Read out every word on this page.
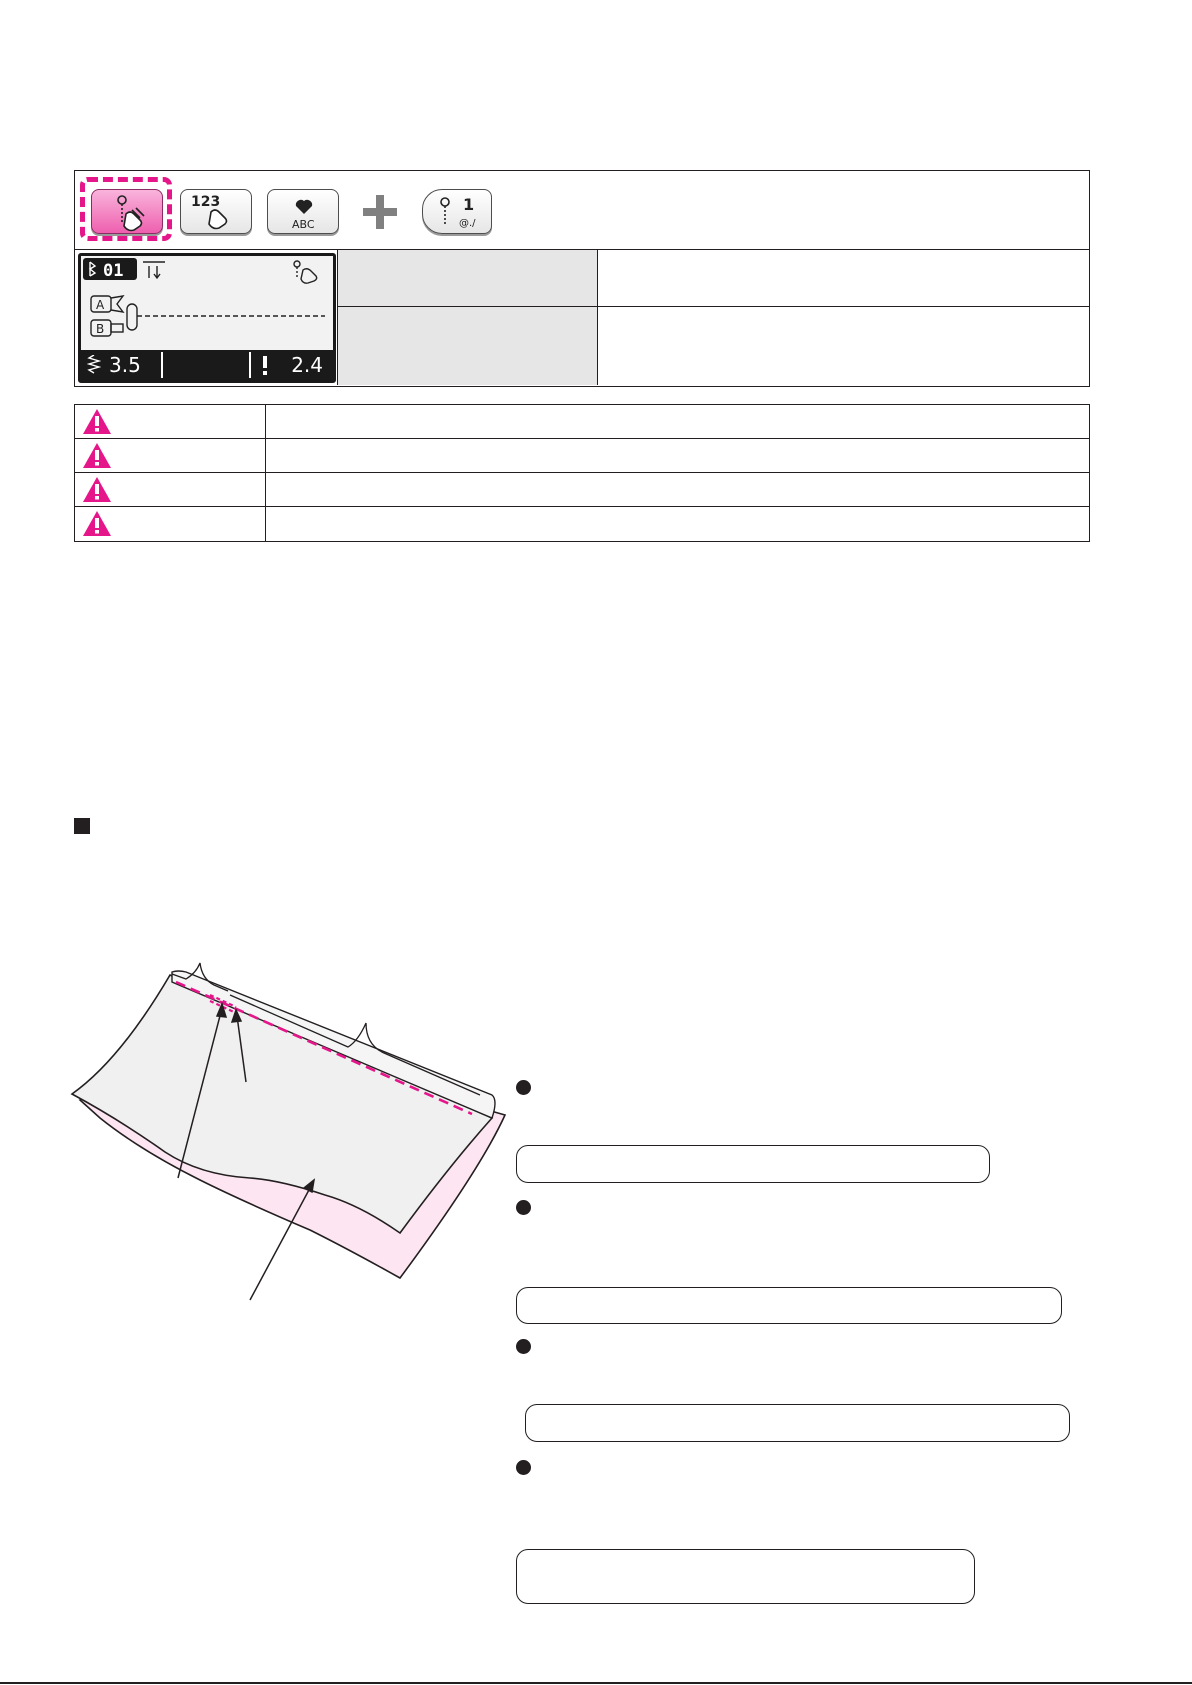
123
ABC
1
@./
01
A
B
3.5	2.4
